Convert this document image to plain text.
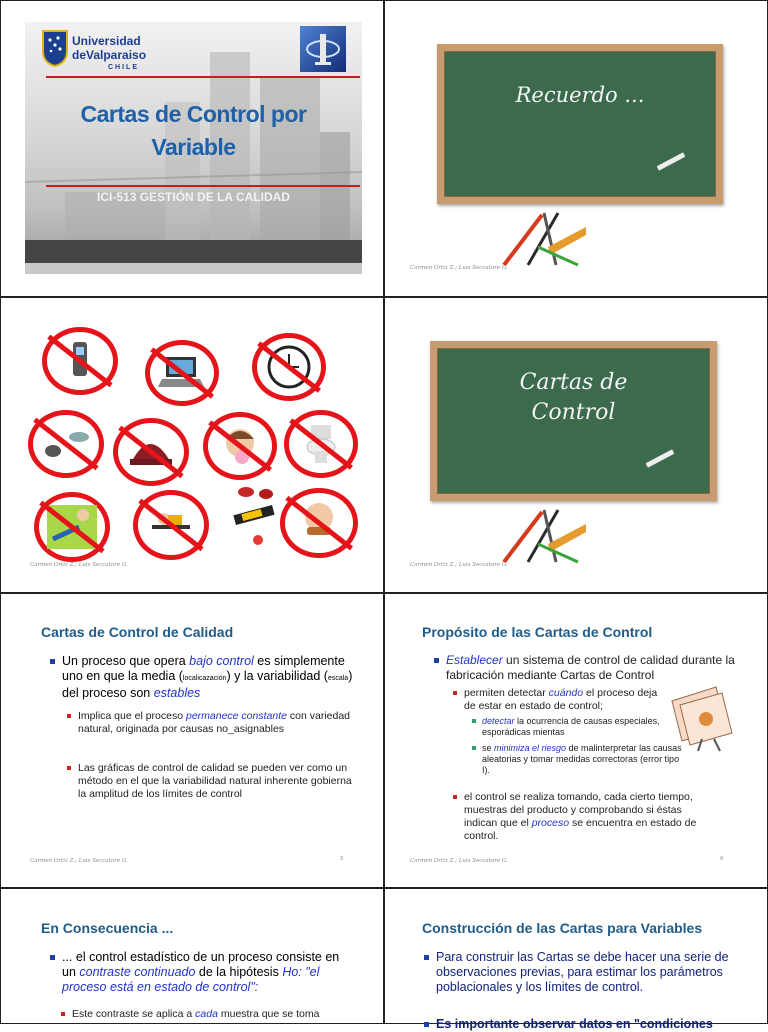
Universidad
deValparaiso
CHILE
Cartas de Control por
Variable
ICI-513 GESTIÓN DE LA CALIDAD
Recuerdo ...
Carmen Ortiz Z.; Luis Seccatore G.
Carmen Ortiz Z.; Luis Seccatore G.
Cartas de
Control
Carmen Ortiz Z.; Luis Seccatore G.
Cartas de Control de Calidad
Un proceso que opera bajo control es simplemente uno en que la media (localicazación) y la variabilidad (escala) del proceso son estables
Implica que el proceso permanece constante con variedad natural, originada por causas no_asignables
Las gráficas de control de calidad se pueden ver como un método en el que la variabilidad natural inherente gobierna la amplitud de los límites de control
Carmen Ortiz Z.; Luis Seccatore G.	5
Propósito de las Cartas de Control
Establecer un sistema de control de calidad durante la fabricación mediante Cartas de Control
permiten detectar cuándo el proceso deja de estar en estado de control;
detectar la ocurrencia de causas especiales, esporádicas mientas
se minimiza el riesgo de malinterpretar las causas aleatorias y tomar medidas correctoras (error tipo I).
el control se realiza tomando, cada cierto tiempo, muestras del producto y comprobando si éstas indican que el proceso se encuentra en estado de control.
Carmen Ortiz Z.; Luis Seccatore G.	6
En Consecuencia ...
... el control estadístico de un proceso consiste en un contraste continuado de la hipótesis Ho: "el proceso está en estado de control":
Este contraste se aplica a cada muestra que se toma
Construcción de las Cartas para Variables
Para construir las Cartas se debe hacer una serie de observaciones previas, para estimar los parámetros poblacionales y los límites de control.
Es importante observar datos en "condiciones
